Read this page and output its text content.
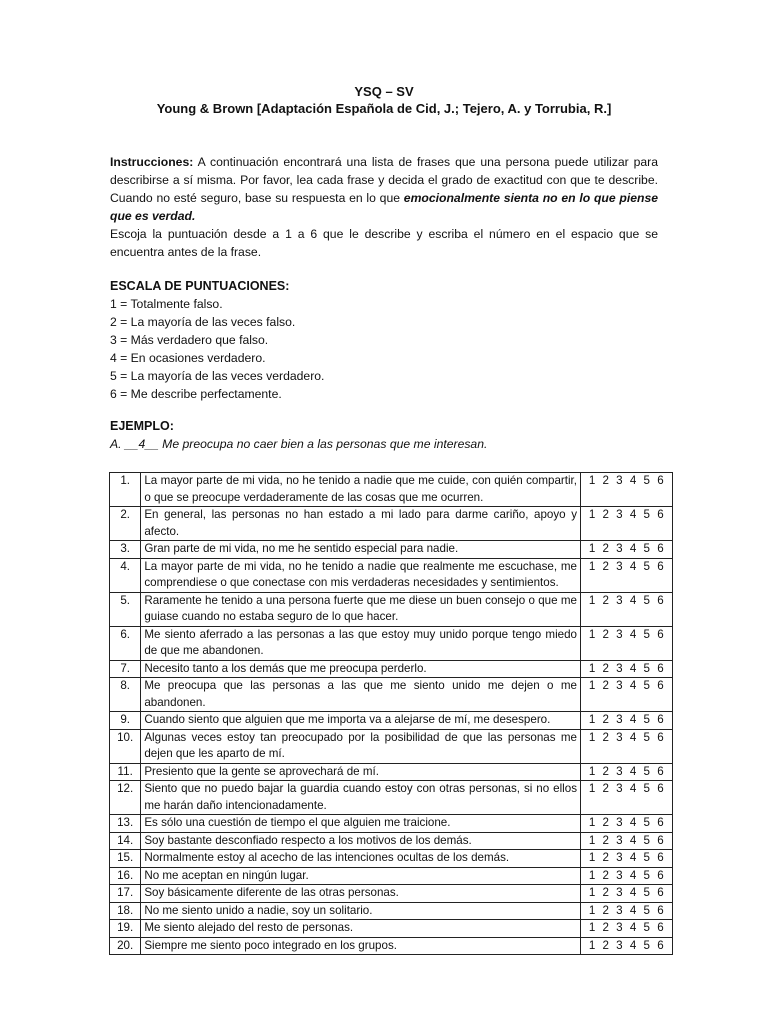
YSQ – SV
Young & Brown [Adaptación Española de Cid, J.; Tejero, A. y Torrubia, R.]
Instrucciones: A continuación encontrará una lista de frases que una persona puede utilizar para describirse a sí misma. Por favor, lea cada frase y decida el grado de exactitud con que te describe. Cuando no esté seguro, base su respuesta en lo que emocionalmente sienta no en lo que piense que es verdad.
Escoja la puntuación desde a 1 a 6 que le describe y escriba el número en el espacio que se encuentra antes de la frase.
ESCALA DE PUNTUACIONES:
1 = Totalmente falso.
2 = La mayoría de las veces falso.
3 = Más verdadero que falso.
4 = En ocasiones verdadero.
5 = La mayoría de las veces verdadero.
6 = Me describe perfectamente.
EJEMPLO:
A. __4__ Me preocupa no caer bien a las personas que me interesan.
1.	La mayor parte de mi vida, no he tenido a nadie que me cuide, con quién compartir, o que se preocupe verdaderamente de las cosas que me ocurren.	1 2 3 4 5 6
2.	En general, las personas no han estado a mi lado para darme cariño, apoyo y afecto.	1 2 3 4 5 6
3.	Gran parte de mi vida, no me he sentido especial para nadie.	1 2 3 4 5 6
4.	La mayor parte de mi vida, no he tenido a nadie que realmente me escuchase, me comprendiese o que conectase con mis verdaderas necesidades y sentimientos.	1 2 3 4 5 6
5.	Raramente he tenido a una persona fuerte que me diese un buen consejo o que me guiase cuando no estaba seguro de lo que hacer.	1 2 3 4 5 6
6.	Me siento aferrado a las personas a las que estoy muy unido porque tengo miedo de que me abandonen.	1 2 3 4 5 6
7.	Necesito tanto a los demás que me preocupa perderlo.	1 2 3 4 5 6
8.	Me preocupa que las personas a las que me siento unido me dejen o me abandonen.	1 2 3 4 5 6
9.	Cuando siento que alguien que me importa va a alejarse de mí, me desespero.	1 2 3 4 5 6
10.	Algunas veces estoy tan preocupado por la posibilidad de que las personas me dejen que les aparto de mí.	1 2 3 4 5 6
11.	Presiento que la gente se aprovechará de mí.	1 2 3 4 5 6
12.	Siento que no puedo bajar la guardia cuando estoy con otras personas, si no ellos me harán daño intencionadamente.	1 2 3 4 5 6
13.	Es sólo una cuestión de tiempo el que alguien me traicione.	1 2 3 4 5 6
14.	Soy bastante desconfiado respecto a los motivos de los demás.	1 2 3 4 5 6
15.	Normalmente estoy al acecho de las intenciones ocultas de los demás.	1 2 3 4 5 6
16.	No me aceptan en ningún lugar.	1 2 3 4 5 6
17.	Soy básicamente diferente de las otras personas.	1 2 3 4 5 6
18.	No me siento unido a nadie, soy un solitario.	1 2 3 4 5 6
19.	Me siento alejado del resto de personas.	1 2 3 4 5 6
20.	Siempre me siento poco integrado en los grupos.	1 2 3 4 5 6
